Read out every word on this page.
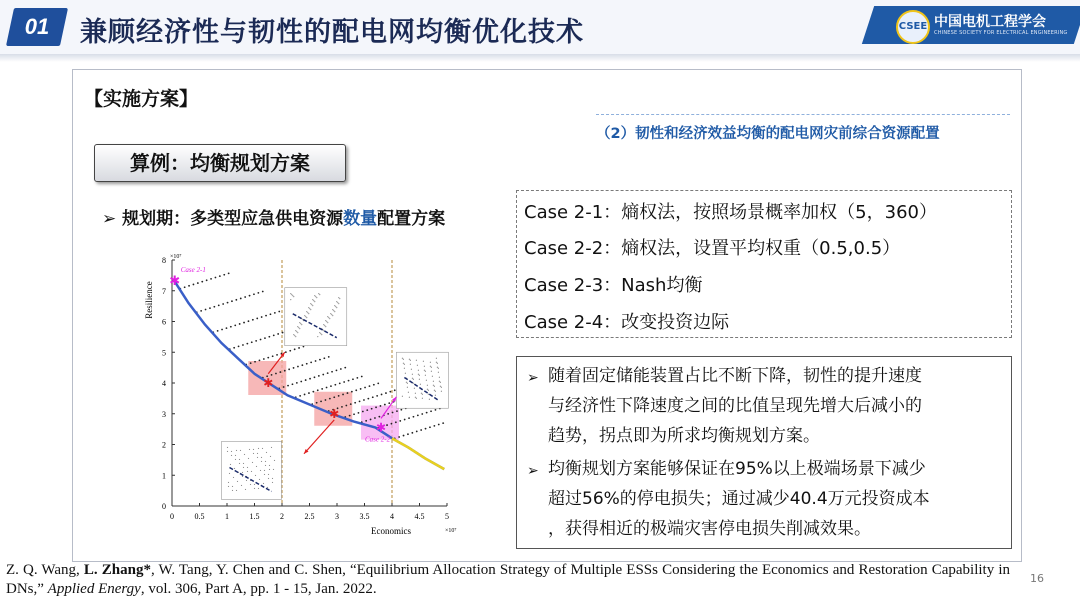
01	兼顾经济性与韧性的配电网均衡优化技术	CSEE 中国电机工程学会
CHINESE SOCIETY FOR ELECTRICAL ENGINEERING
【实施方案】
（2）韧性和经济效益均衡的配电网灾前综合资源配置
算例：均衡规划方案
➢ 规划期：多类型应急供电资源数量配置方案	Case 2-1：熵权法，按照场景概率加权（5，360）
Case 2-2：熵权法，设置平均权重（0.5,0.5）
Case 2-3：Nash均衡
Case 2-4：改变投资边际
➢ 随着固定储能装置占比不断下降，韧性的提升速度
与经济性下降速度之间的比值呈现先增大后减小的
趋势，拐点即为所求均衡规划方案。
➢ 均衡规划方案能够保证在95%以上极端场景下减少
超过56%的停电损失；通过减少40.4万元投资成本
，获得相近的极端灾害停电损失削减效果。
0	0.5	1	1.5	2	2.5	3	3.5	4	4.5	5
0
1
2
3
4
5
6
7
8 ×10⁷
×10⁷
Economics
Resilience
✱
✱
✱
✱
Case 2-1
Case 2-2
Z. Q. Wang, L. Zhang*, W. Tang, Y. Chen and C. Shen, “Equilibrium Allocation Strategy of Multiple ESSs Considering the Economics and Restoration Capability in DNs,” Applied Energy, vol. 306, Part A, pp. 1 - 15, Jan. 2022.
16
